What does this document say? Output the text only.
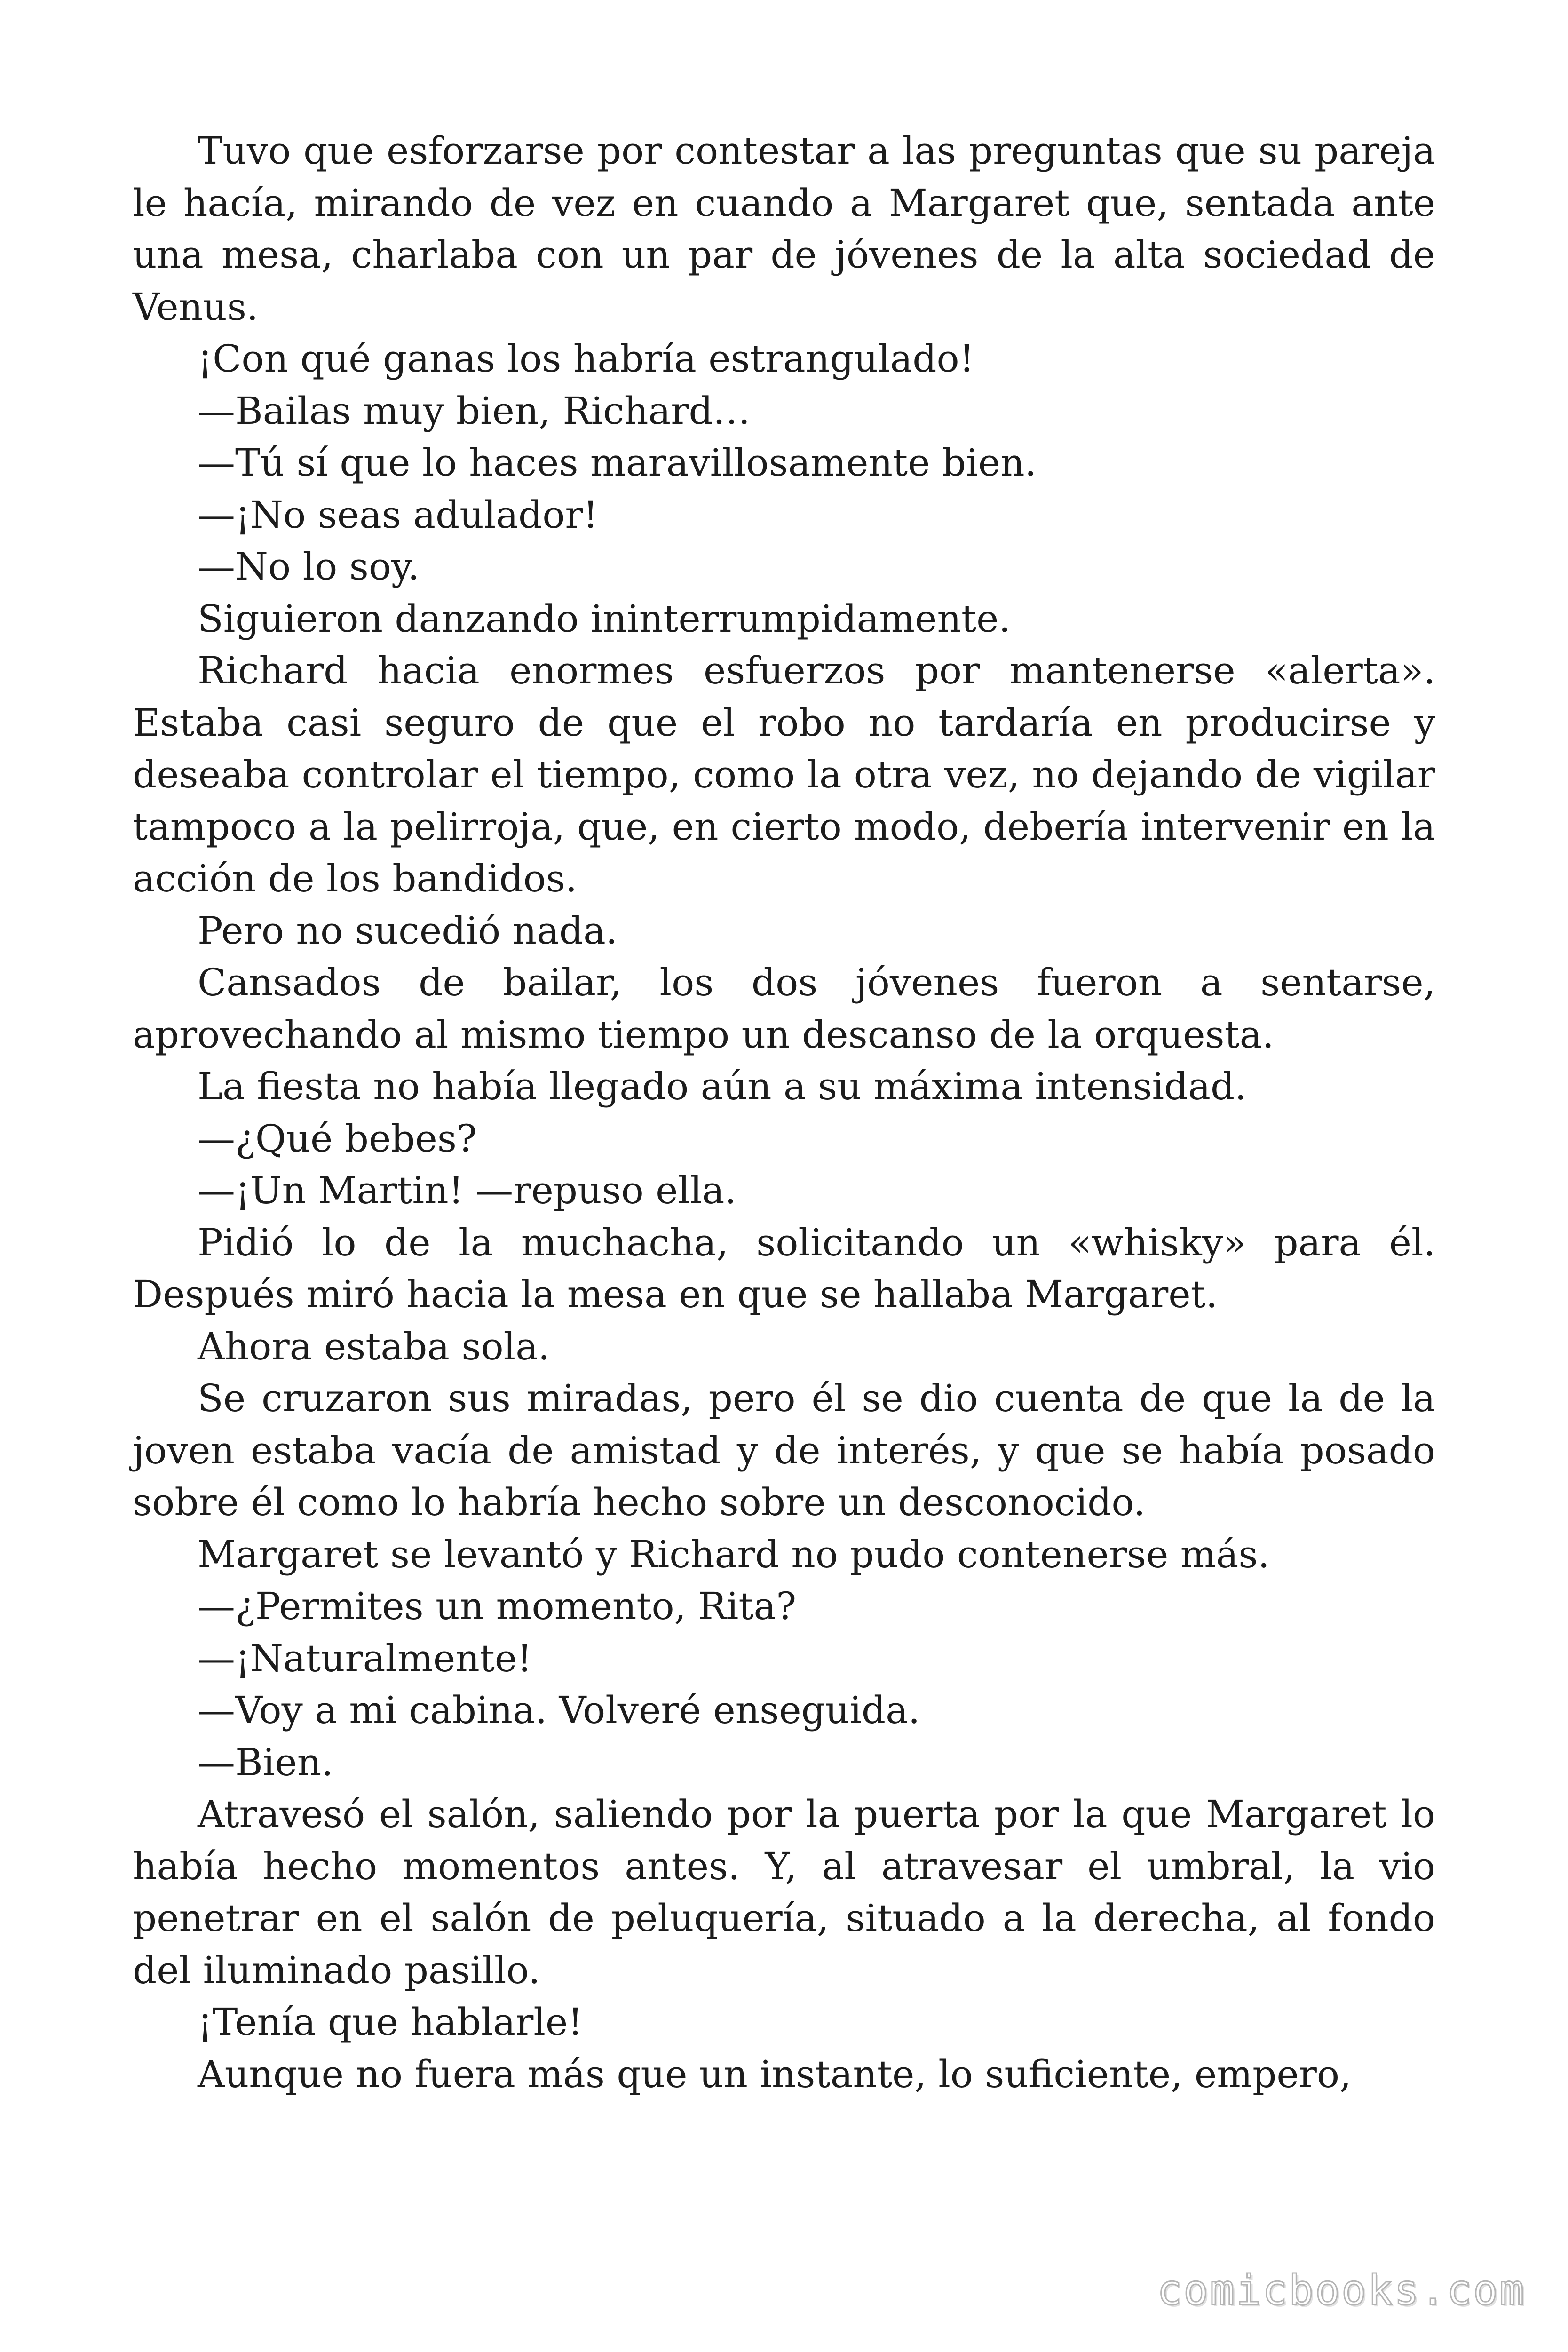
Tuvo que esforzarse por contestar a las preguntas que su pareja le hacía, mirando de vez en cuando a Margaret que, sentada ante una mesa, charlaba con un par de jóvenes de la alta sociedad de Venus.

¡Con qué ganas los habría estrangulado!

—Bailas muy bien, Richard…

—Tú sí que lo haces maravillosamente bien.

—¡No seas adulador!

—No lo soy.

Siguieron danzando ininterrumpidamente.

Richard hacia enormes esfuerzos por mantenerse «alerta». Estaba casi seguro de que el robo no tardaría en producirse y deseaba controlar el tiempo, como la otra vez, no dejando de vigilar tampoco a la pelirroja, que, en cierto modo, debería intervenir en la acción de los bandidos.

Pero no sucedió nada.

Cansados de bailar, los dos jóvenes fueron a sentarse, aprovechando al mismo tiempo un descanso de la orquesta.

La fiesta no había llegado aún a su máxima intensidad.

—¿Qué bebes?

—¡Un Martin! —repuso ella.

Pidió lo de la muchacha, solicitando un «whisky» para él. Después miró hacia la mesa en que se hallaba Margaret.

Ahora estaba sola.

Se cruzaron sus miradas, pero él se dio cuenta de que la de la joven estaba vacía de amistad y de interés, y que se había posado sobre él como lo habría hecho sobre un desconocido.

Margaret se levantó y Richard no pudo contenerse más.

—¿Permites un momento, Rita?

—¡Naturalmente!

—Voy a mi cabina. Volveré enseguida.

—Bien.

Atravesó el salón, saliendo por la puerta por la que Margaret lo había hecho momentos antes. Y, al atravesar el umbral, la vio penetrar en el salón de peluquería, situado a la derecha, al fondo del iluminado pasillo.

¡Tenía que hablarle!

Aunque no fuera más que un instante, lo suficiente, empero,

comicbooks.com
